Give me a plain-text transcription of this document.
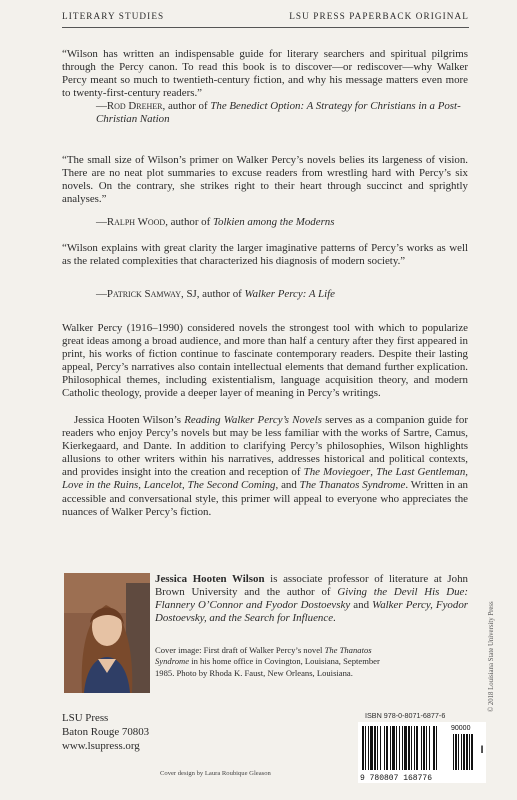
LITERARY STUDIES	LSU PRESS PAPERBACK ORIGINAL

“Wilson has written an indispensable guide for literary searchers and spiritual pilgrims through the Percy canon. To read this book is to discover—or rediscover—why Walker Percy meant so much to twentieth-century fiction, and why his message matters even more to twenty-first-century readers.”

—Rod Dreher, author of The Benedict Option: A Strategy for Christians in a Post-Christian Nation

“The small size of Wilson’s primer on Walker Percy’s novels belies its largeness of vision. There are no neat plot summaries to excuse readers from wrestling hard with Percy’s six novels. On the contrary, she strikes right to their heart through succinct and sprightly analyses.”

—Ralph Wood, author of Tolkien among the Moderns

“Wilson explains with great clarity the larger imaginative patterns of Percy’s works as well as the related complexities that characterized his diagnosis of modern society.”

—Patrick Samway, SJ, author of Walker Percy: A Life

Walker Percy (1916–1990) considered novels the strongest tool with which to popularize great ideas among a broad audience, and more than half a century after they first appeared in print, his works of fiction continue to fascinate contemporary readers. Despite their lasting appeal, Percy’s narratives also contain intellectual elements that demand further explication. Philosophical themes, including existentialism, language acquisition theory, and modern Catholic theology, provide a deeper layer of meaning in Percy’s writings.

Jessica Hooten Wilson’s Reading Walker Percy’s Novels serves as a companion guide for readers who enjoy Percy’s novels but may be less familiar with the works of Sartre, Camus, Kierkegaard, and Dante. In addition to clarifying Percy’s philosophies, Wilson highlights allusions to other writers within his narratives, addresses historical and political contexts, and provides insight into the creation and reception of The Moviegoer, The Last Gentleman, Love in the Ruins, Lancelot, The Second Coming, and The Thanatos Syndrome. Written in an accessible and conversational style, this primer will appeal to everyone who appreciates the nuances of Walker Percy’s fiction.

Jessica Hooten Wilson is associate professor of literature at John Brown University and the author of Giving the Devil His Due: Flannery O’Connor and Fyodor Dostoevsky and Walker Percy, Fyodor Dostoevsky, and the Search for Influence.

Cover image: First draft of Walker Percy’s novel The Thanatos Syndrome in his home office in Covington, Louisiana, September 1985. Photo by Rhoda K. Faust, New Orleans, Louisiana.

LSU Press
Baton Rouge 70803
www.lsupress.org
Cover design by Laura Roubique Gleason
ISBN 978-0-8071-6877-6
9 780807 168776
90000
I
© 2018 Louisiana State University Press
